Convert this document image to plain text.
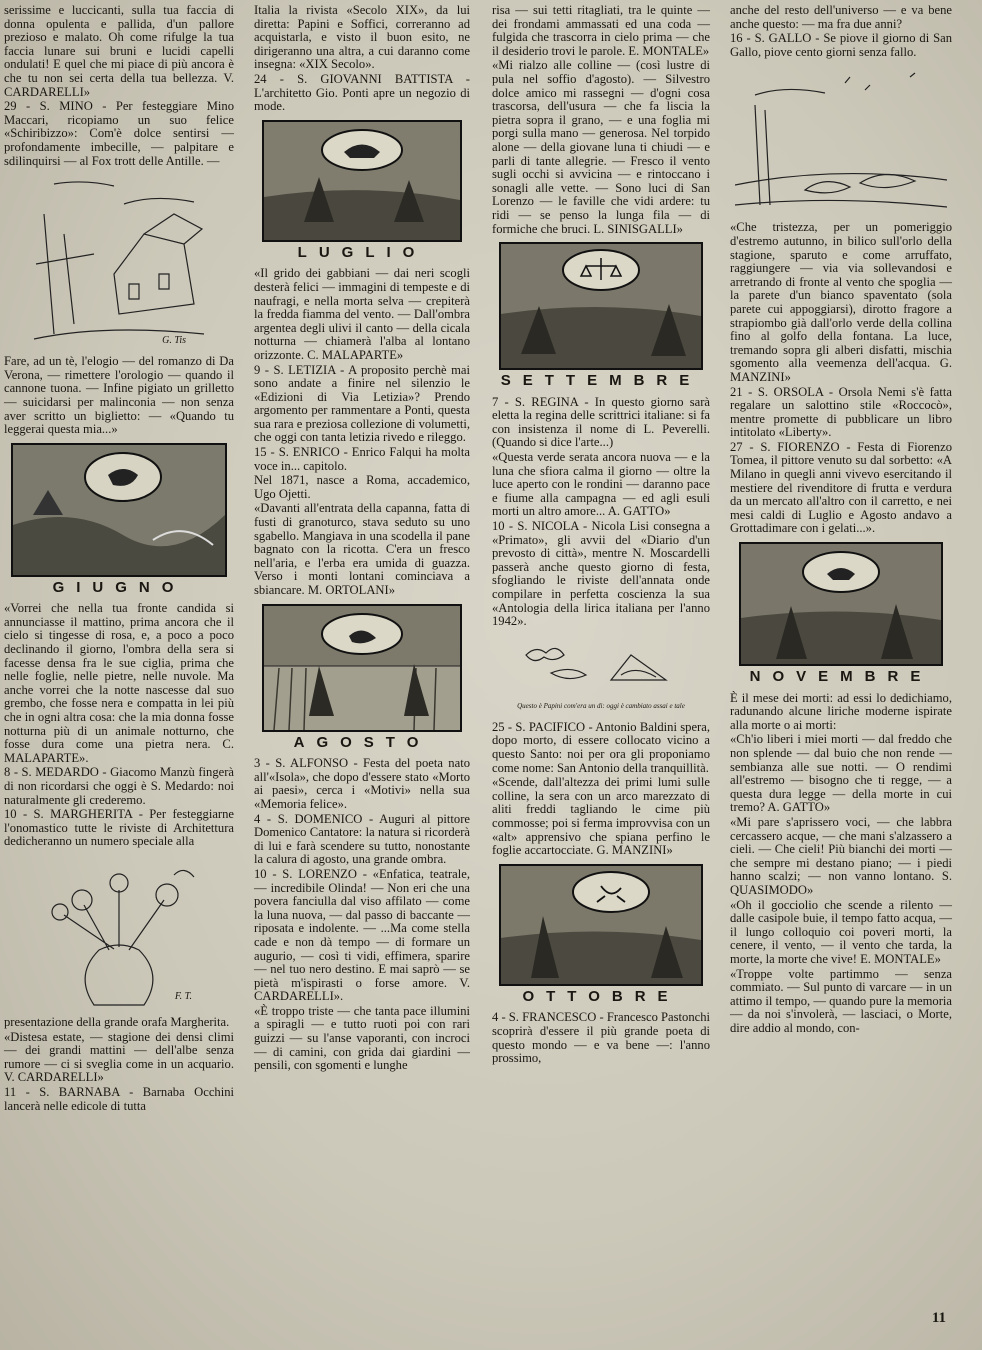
serissime e luccicanti, sulla tua faccia di donna opulenta e pallida, d'un pallore prezioso e malato. Oh come rifulge la tua faccia lunare sui bruni e lucidi capelli ondulati! E quel che mi piace di più ancora è che tu non sei certa della tua bellezza. V. CARDARELLI»

29 - S. MINO - Per festeggiare Mino Maccari, ricopiamo un suo felice «Schiribizzo»: Com'è dolce sentirsi — profondamente imbecille, — palpitare e sdilinquirsi — al Fox trott delle Antille. —

G. Tis

Fare, ad un tè, l'elogio — del romanzo di Da Verona, — rimettere l'orologio — quando il cannone tuona. — Infine pigiato un grilletto — suicidarsi per malinconia — non senza aver scritto un biglietto: — «Quando tu leggerai questa mia...»

GIUGNO

«Vorrei che nella tua fronte candida si annunciasse il mattino, prima ancora che il cielo si tingesse di rosa, e, a poco a poco declinando il giorno, l'ombra della sera si facesse densa fra le sue ciglia, prima che nelle foglie, nelle pietre, nelle nuvole. Ma anche vorrei che la notte nascesse dal suo grembo, che fosse nera e compatta in lei più che in ogni altra cosa: che la mia donna fosse notturna più di un animale notturno, che fosse dura come una pietra nera. C. MALAPARTE».

8 - S. MEDARDO - Giacomo Manzù fingerà di non ricordarsi che oggi è S. Medardo: noi naturalmente gli crederemo.

10 - S. MARGHERITA - Per festeggiarne l'onomastico tutte le riviste di Architettura dedicheranno un numero speciale alla

F. T.

presentazione della grande orafa Margherita.

«Distesa estate, — stagione dei densi climi — dei grandi mattini — dell'albe senza rumore — ci si sveglia come in un acquario. V. CARDARELLI»

11 - S. BARNABA - Barnaba Occhini lancerà nelle edicole di tutta

Italia la rivista «Secolo XIX», da lui diretta: Papini e Soffici, correranno ad acquistarla, e visto il buon esito, ne dirigeranno una altra, a cui daranno come insegna: «XIX Secolo».

24 - S. GIOVANNI BATTISTA - L'architetto Gio. Ponti apre un negozio di mode.

LUGLIO

«Il grido dei gabbiani — dai neri scogli desterà felici — immagini di tempeste e di naufragi, e nella morta selva — crepiterà la fredda fiamma del vento. — Dall'ombra argentea degli ulivi il canto — della cicala notturna — chiamerà l'alba al lontano orizzonte. C. MALAPARTE»

9 - S. LETIZIA - A proposito perchè mai sono andate a finire nel silenzio le «Edizioni di Via Letizia»? Prendo argomento per rammentare a Ponti, questa sua rara e preziosa collezione di volumetti, che oggi con tanta letizia rivedo e rileggo.

15 - S. ENRICO - Enrico Falqui ha molta voce in... capitolo.

Nel 1871, nasce a Roma, accademico, Ugo Ojetti.

«Davanti all'entrata della capanna, fatta di fusti di granoturco, stava seduto su uno sgabello. Mangiava in una scodella il pane bagnato con la ricotta. C'era un fresco nell'aria, e l'erba era umida di guazza. Verso i monti lontani cominciava a sbiancare. M. ORTOLANI»

AGOSTO

3 - S. ALFONSO - Festa del poeta nato all'«Isola», che dopo d'essere stato «Morto ai paesi», cerca i «Motivi» nella sua «Memoria felice».

4 - S. DOMENICO - Auguri al pittore Domenico Cantatore: la natura si ricorderà di lui e farà scendere su tutto, nonostante la calura di agosto, una grande ombra.

10 - S. LORENZO - «Enfatica, teatrale, — incredibile Olinda! — Non eri che una povera fanciulla dal viso affilato — come la luna nuova, — dal passo di baccante — riposata e indolente. — ...Ma come stella cade e non dà tempo — di formare un augurio, — così ti vidi, effimera, sparire — nel tuo nero destino. E mai saprò — se pietà m'ispirasti o forse amore. V. CARDARELLI».

«È troppo triste — che tanta pace illumini a spiragli — e tutto ruoti poi con rari guizzi — su l'anse vaporanti, con incroci — di camini, con grida dai giardini — pensili, con sgomenti e lunghe

risa — sui tetti ritagliati, tra le quinte — dei frondami ammassati ed una coda — fulgida che trascorra in cielo prima — che il desiderio trovi le parole. E. MONTALE»

«Mi rialzo alle colline — (così lustre di pula nel soffio d'agosto). — Silvestro dolce amico mi rassegni — d'ogni cosa trascorsa, dell'usura — che fa liscia la pietra sopra il grano, — e una foglia mi porgi sulla mano — generosa. Nel torpido alone — della giovane luna ti chiudi — e parli di tante allegrie. — Fresco il vento sugli occhi si avvicina — e rintoccano i sonagli alle vette. — Sono luci di San Lorenzo — le faville che vidi ardere: tu ridi — se penso la lunga fila — di formiche che bruci. L. SINISGALLI»

SETTEMBRE

7 - S. REGINA - In questo giorno sarà eletta la regina delle scrittrici italiane: si fa con insistenza il nome di L. Peverelli. (Quando si dice l'arte...)

«Questa verde serata ancora nuova — e la luna che sfiora calma il giorno — oltre la luce aperto con le rondini — daranno pace e fiume alla campagna — ed agli esuli morti un altro amore... A. GATTO»

10 - S. NICOLA - Nicola Lisi consegna a «Primato», gli avvii del «Diario d'un prevosto di città», mentre N. Moscardelli passerà anche questo giorno di festa, sfogliando le riviste dell'annata onde compilare in perfetta coscienza la sua «Antologia della lirica italiana per l'anno 1942».

Questo è Papini com'era un di: oggi è cambiato assai e tale

25 - S. PACIFICO - Antonio Baldini spera, dopo morto, di essere collocato vicino a questo Santo: noi per ora gli proponiamo come nome: San Antonio della tranquillità.

«Scende, dall'altezza dei primi lumi sulle colline, la sera con un arco marezzato di aliti freddi tagliando le cime più commosse; poi si ferma improvvisa con un «alt» apprensivo che spiana perfino le foglie accartocciate. G. MANZINI»

OTTOBRE

4 - S. FRANCESCO - Francesco Pastonchi scoprirà d'essere il più grande poeta di questo mondo — e va bene —: l'anno prossimo,

anche del resto dell'universo — e va bene anche questo: — ma fra due anni?

16 - S. GALLO - Se piove il giorno di San Gallo, piove cento giorni senza fallo.

«Che tristezza, per un pomeriggio d'estremo autunno, in bilico sull'orlo della stagione, sparuto e come arruffato, raggiungere — via via sollevandosi e arretrando di fronte al vento che spoglia — la parete d'un bianco spaventato (sola parete cui appoggiarsi), dirotto fragore a strapiombo già dall'orlo verde della collina fino al golfo della fontana. La luce, tremando sopra gli alberi disfatti, mischia sgomento alla veemenza dell'acqua. G. MANZINI»

21 - S. ORSOLA - Orsola Nemi s'è fatta regalare un salottino stile «Roccocò», mentre promette di pubblicare un libro intitolato «Liberty».

27 - S. FIORENZO - Festa di Fiorenzo Tomea, il pittore venuto su dal sorbetto: «A Milano in quegli anni vivevo esercitando il mestiere del rivenditore di frutta e verdura da un mercato all'altro con il carretto, e nei mesi caldi di Luglio e Agosto andavo a Grottadimare con i gelati...».

NOVEMBRE

È il mese dei morti: ad essi lo dedichiamo, radunando alcune liriche moderne ispirate alla morte o ai morti:

«Ch'io liberi i miei morti — dal freddo che non splende — dal buio che non rende — sembianza alle sue notti. — O rendimi all'estremo — bisogno che ti regge, — a questa dura legge — della morte in cui tremo? A. GATTO»

«Mi pare s'aprissero voci, — che labbra cercassero acque, — che mani s'alzassero a cieli. — Che cieli! Più bianchi dei morti — che sempre mi destano piano; — i piedi hanno scalzi; — non vanno lontano. S. QUASIMODO»

«Oh il gocciolio che scende a rilento — dalle casipole buie, il tempo fatto acqua, — il lungo colloquio coi poveri morti, la cenere, il vento, — il vento che tarda, la morte, la morte che vive! E. MONTALE»

«Troppe volte partimmo — senza commiato. — Sul punto di varcare — in un attimo il tempo, — quando pure la memoria — da noi s'involerà, — lasciaci, o Morte, dire addio al mondo, con-

11
